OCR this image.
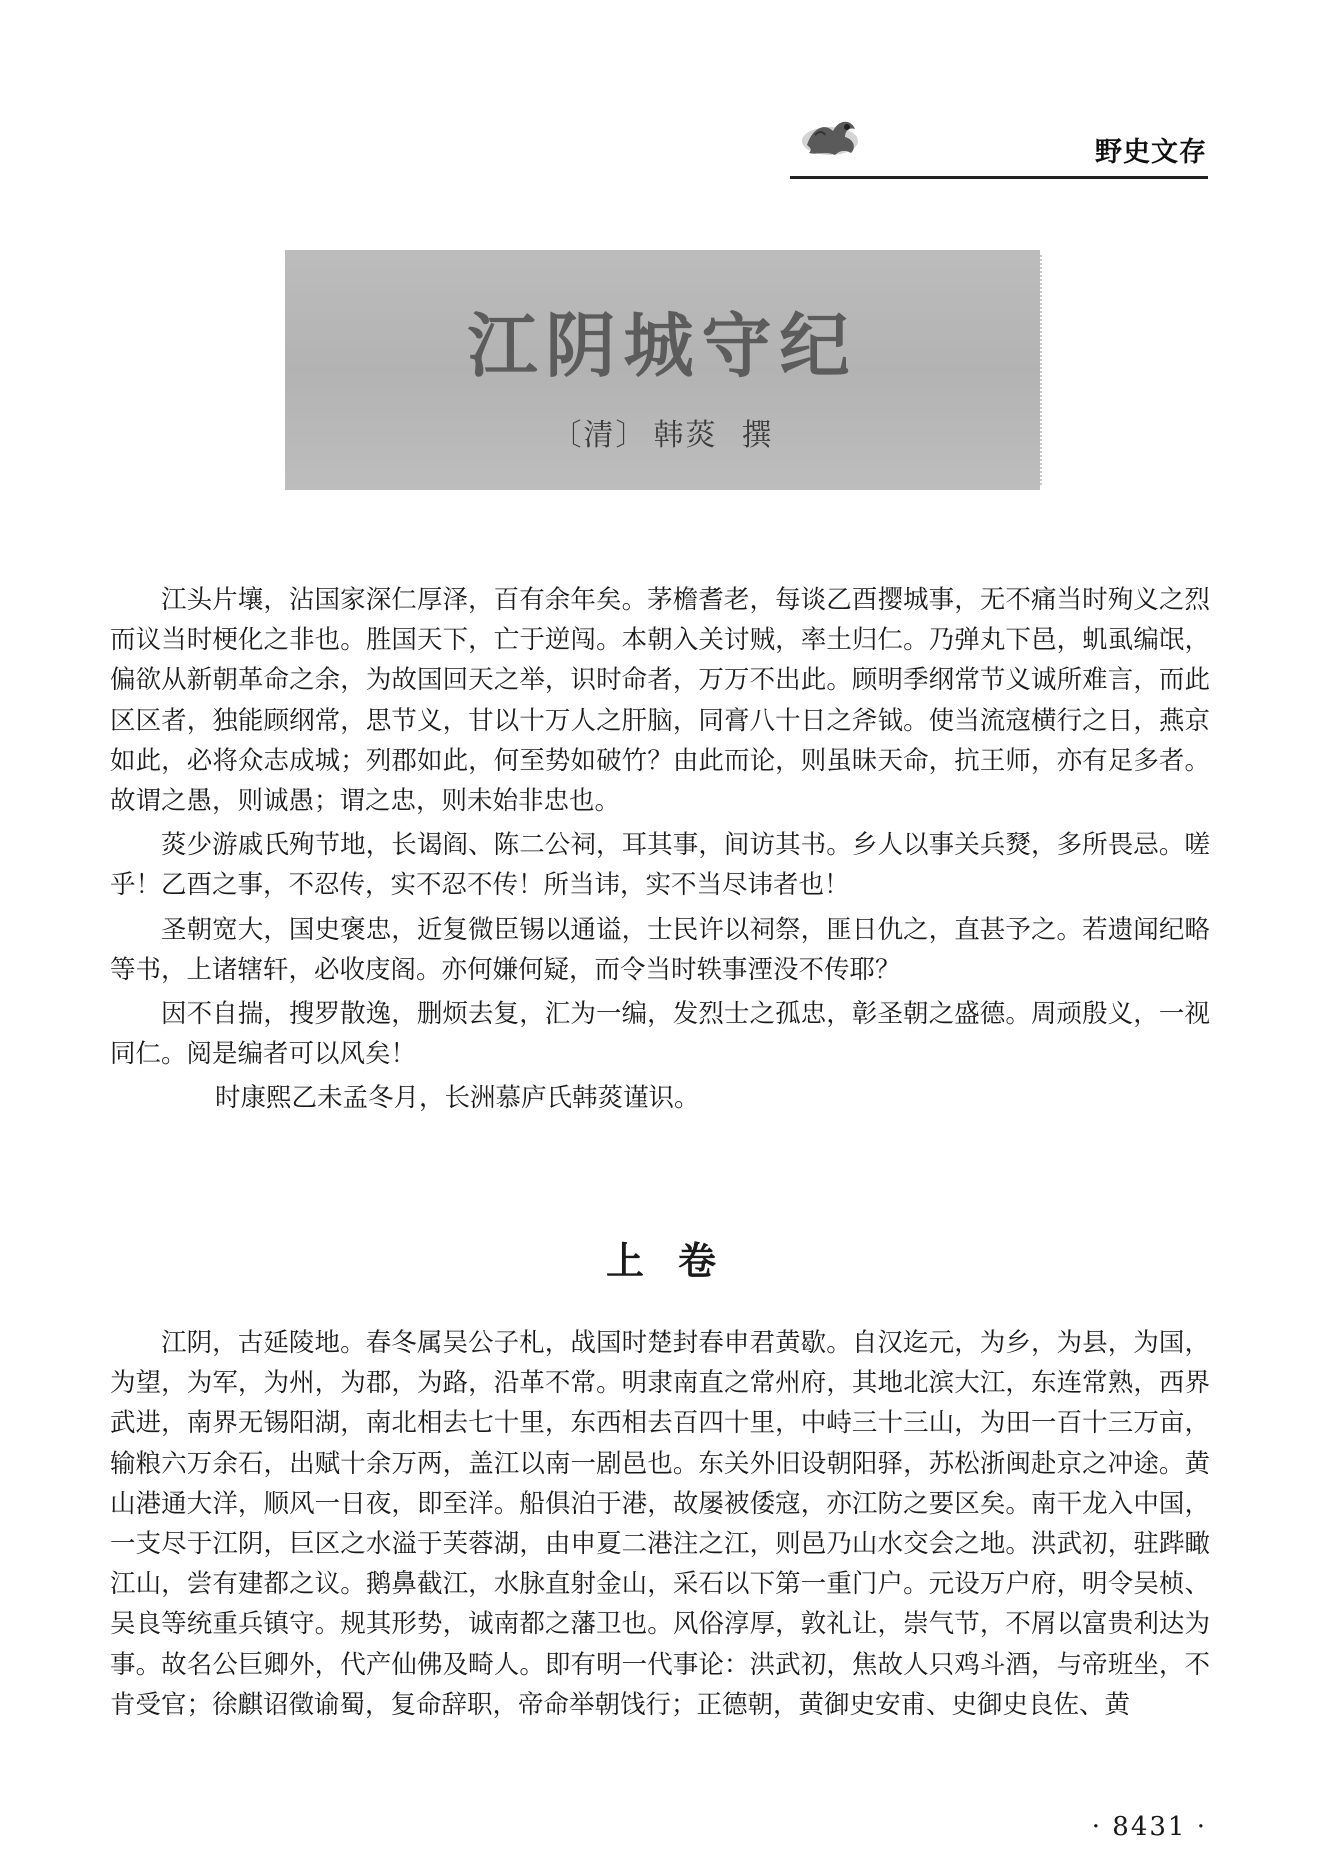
野史文存
江阴城守纪
〔清〕 韩菼 撰

江头片壤，沾国家深仁厚泽，百有余年矣。茅檐耆老，每谈乙酉撄城事，无不痛当时殉义之烈而议当时梗化之非也。胜国天下，亡于逆闯。本朝入关讨贼，率土归仁。乃弹丸下邑，虮虱编氓，偏欲从新朝革命之余，为故国回天之举，识时命者，万万不出此。顾明季纲常节义诚所难言，而此区区者，独能顾纲常，思节义，甘以十万人之肝脑，同膏八十日之斧钺。使当流寇横行之日，燕京如此，必将众志成城；列郡如此，何至势如破竹？由此而论，则虽昧天命，抗王师，亦有足多者。故谓之愚，则诚愚；谓之忠，则未始非忠也。

菼少游戚氏殉节地，长谒阎、陈二公祠，耳其事，间访其书。乡人以事关兵燹，多所畏忌。嗟乎！乙酉之事，不忍传，实不忍不传！所当讳，实不当尽讳者也！

圣朝宽大，国史褒忠，近复微臣锡以通谥，士民许以祠祭，匪日仇之，直甚予之。若遗闻纪略等书，上诸辖轩，必收庋阁。亦何嫌何疑，而令当时轶事湮没不传耶？

因不自揣，搜罗散逸，删烦去复，汇为一编，发烈士之孤忠，彰圣朝之盛德。周顽殷义，一视同仁。阅是编者可以风矣！

时康熙乙未孟冬月，长洲慕庐氏韩菼谨识。
上卷

江阴，古延陵地。春冬属吴公子札，战国时楚封春申君黄歇。自汉迄元，为乡，为县，为国，为望，为军，为州，为郡，为路，沿革不常。明隶南直之常州府，其地北滨大江，东连常熟，西界武进，南界无锡阳湖，南北相去七十里，东西相去百四十里，中峙三十三山，为田一百十三万亩，输粮六万余石，出赋十余万两，盖江以南一剧邑也。东关外旧设朝阳驿，苏松浙闽赴京之冲途。黄山港通大洋，顺风一日夜，即至洋。船俱泊于港，故屡被倭寇，亦江防之要区矣。南干龙入中国，一支尽于江阴，巨区之水溢于芙蓉湖，由申夏二港注之江，则邑乃山水交会之地。洪武初，驻跸瞰江山，尝有建都之议。鹅鼻截江，水脉直射金山，采石以下第一重门户。元设万户府，明令吴桢、吴良等统重兵镇守。规其形势，诚南都之藩卫也。风俗淳厚，敦礼让，崇气节，不屑以富贵利达为事。故名公巨卿外，代产仙佛及畸人。即有明一代事论：洪武初，焦故人只鸡斗酒，与帝班坐，不肯受官；徐麒诏徵谕蜀，复命辞职，帝命举朝饯行；正德朝，黄御史安甫、史御史良佐、黄

· 8431 ·
